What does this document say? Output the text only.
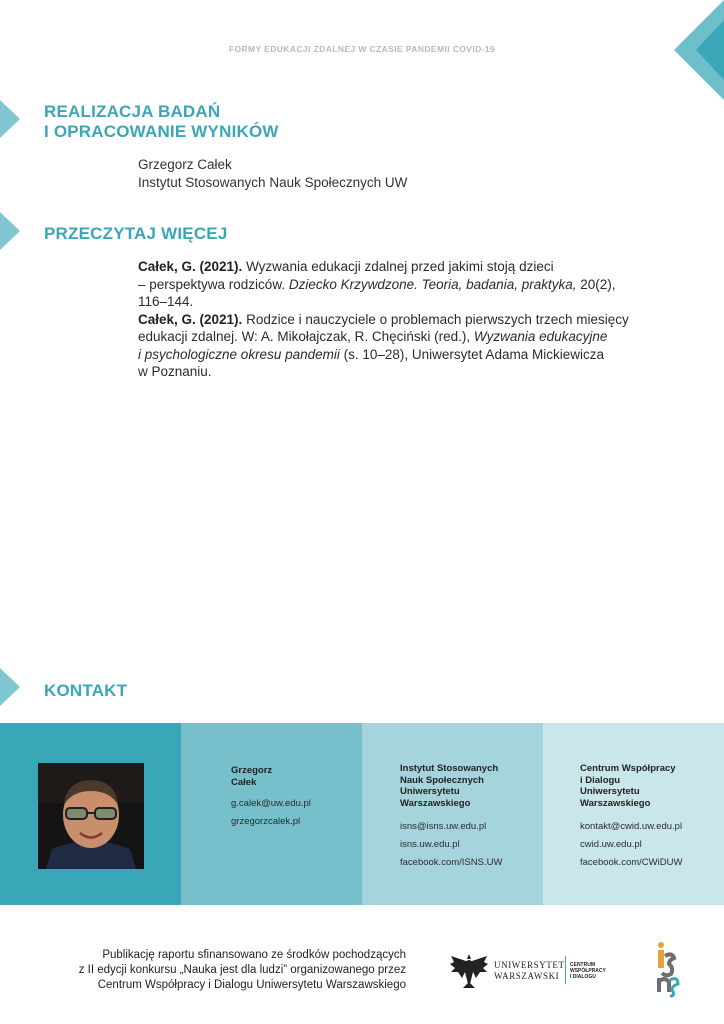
FORMY EDUKACJI ZDALNEJ W CZASIE PANDEMII COVID-19
REALIZACJA BADAŃ
I OPRACOWANIE WYNIKÓW
Grzegorz Całek
Instytut Stosowanych Nauk Społecznych UW
PRZECZYTAJ WIĘCEJ

Całek, G. (2021). Wyzwania edukacji zdalnej przed jakimi stoją dzieci
– perspektywa rodziców. Dziecko Krzywdzone. Teoria, badania, praktyka, 20(2),
116–144.

Całek, G. (2021). Rodzice i nauczyciele o problemach pierwszych trzech miesięcy
edukacji zdalnej. W: A. Mikołajczak, R. Chęciński (red.), Wyzwania edukacyjne
i psychologiczne okresu pandemii (s. 10–28), Uniwersytet Adama Mickiewicza
w Poznaniu.

KONTAKT
Grzegorz
Całek
g.calek@uw.edu.pl
grzegorzcalek.pl
Instytut Stosowanych
Nauk Społecznych
Uniwersytetu
Warszawskiego
isns@isns.uw.edu.pl
isns.uw.edu.pl
facebook.com/ISNS.UW
Centrum Współpracy
i Dialogu
Uniwersytetu
Warszawskiego
kontakt@cwid.uw.edu.pl
cwid.uw.edu.pl
facebook.com/CWiDUW
Publikację raportu sfinansowano ze środków pochodzących
z II edycji konkursu „Nauka jest dla ludzi” organizowanego przez
Centrum Współpracy i Dialogu Uniwersytetu Warszawskiego
UNIWERSYTET
WARSZAWSKI
CENTRUM
WSPÓŁPRACY
I DIALOGU
